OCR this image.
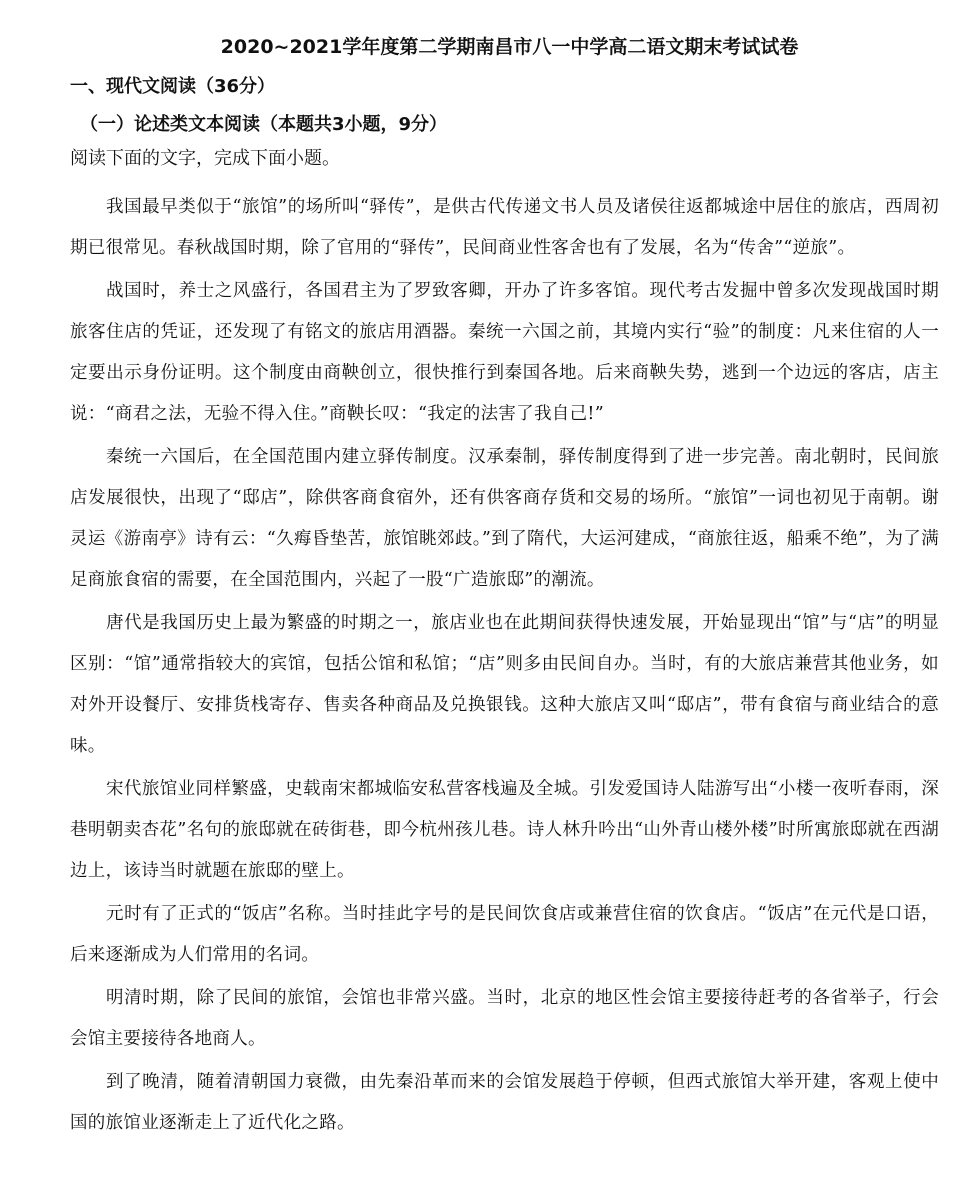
2020~2021学年度第二学期南昌市八一中学高二语文期末考试试卷
一、现代文阅读（36分）
（一）论述类文本阅读（本题共3小题，9分）
阅读下面的文字，完成下面小题。

我国最早类似于“旅馆”的场所叫“驿传”，是供古代传递文书人员及诸侯往返都城途中居住的旅店，西周初期已很常见。春秋战国时期，除了官用的“驿传”，民间商业性客舍也有了发展，名为“传舍”“逆旅”。

战国时，养士之风盛行，各国君主为了罗致客卿，开办了许多客馆。现代考古发掘中曾多次发现战国时期旅客住店的凭证，还发现了有铭文的旅店用酒器。秦统一六国之前，其境内实行“验”的制度：凡来住宿的人一定要出示身份证明。这个制度由商鞅创立，很快推行到秦国各地。后来商鞅失势，逃到一个边远的客店，店主说：“商君之法，无验不得入住。”商鞅长叹：“我定的法害了我自己!”

秦统一六国后，在全国范围内建立驿传制度。汉承秦制，驿传制度得到了进一步完善。南北朝时，民间旅店发展很快，出现了“邸店”，除供客商食宿外，还有供客商存货和交易的场所。“旅馆”一词也初见于南朝。谢灵运《游南亭》诗有云：“久痗昏垫苦，旅馆眺郊歧。”到了隋代，大运河建成，“商旅往返，船乘不绝”，为了满足商旅食宿的需要，在全国范围内，兴起了一股“广造旅邸”的潮流。

唐代是我国历史上最为繁盛的时期之一，旅店业也在此期间获得快速发展，开始显现出“馆”与“店”的明显区别：“馆”通常指较大的宾馆，包括公馆和私馆；“店”则多由民间自办。当时，有的大旅店兼营其他业务，如对外开设餐厅、安排货栈寄存、售卖各种商品及兑换银钱。这种大旅店又叫“邸店”，带有食宿与商业结合的意味。

宋代旅馆业同样繁盛，史载南宋都城临安私营客栈遍及全城。引发爱国诗人陆游写出“小楼一夜听春雨，深巷明朝卖杏花”名句的旅邸就在砖街巷，即今杭州孩儿巷。诗人林升吟出“山外青山楼外楼”时所寓旅邸就在西湖边上，该诗当时就题在旅邸的壁上。

元时有了正式的“饭店”名称。当时挂此字号的是民间饮食店或兼营住宿的饮食店。“饭店”在元代是口语，后来逐渐成为人们常用的名词。

明清时期，除了民间的旅馆，会馆也非常兴盛。当时，北京的地区性会馆主要接待赶考的各省举子，行会会馆主要接待各地商人。

到了晚清，随着清朝国力衰微，由先秦沿革而来的会馆发展趋于停顿，但西式旅馆大举开建，客观上使中国的旅馆业逐渐走上了近代化之路。
